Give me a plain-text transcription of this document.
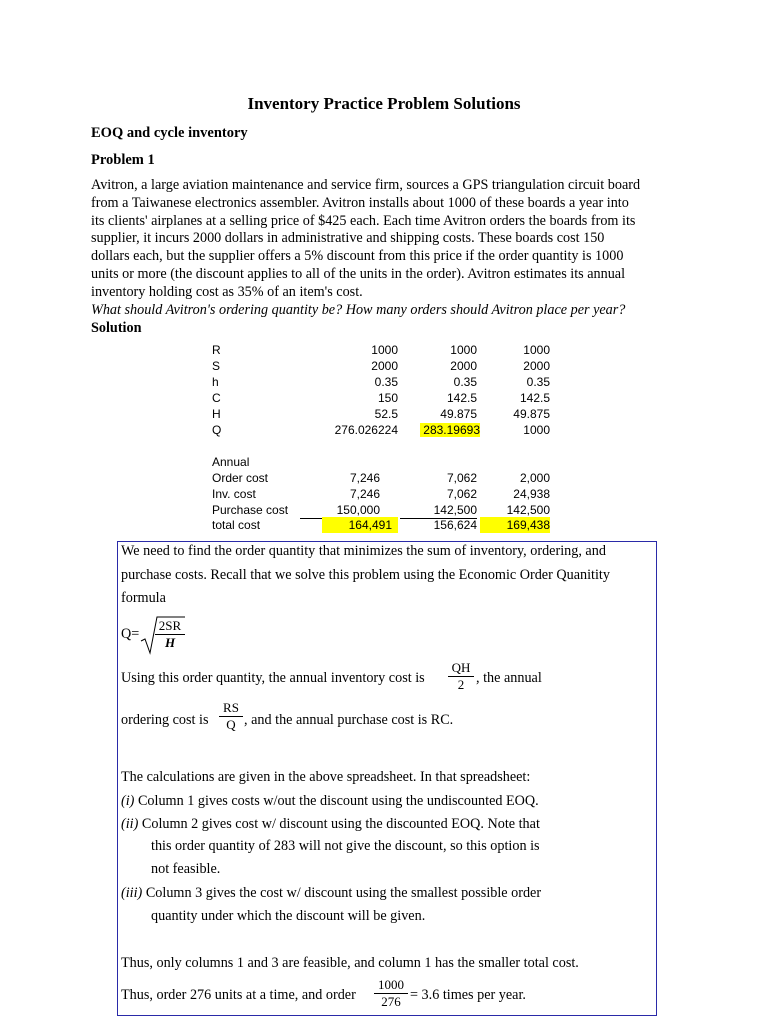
Inventory Practice Problem Solutions
EOQ and cycle inventory
Problem 1
Avitron, a large aviation maintenance and service firm, sources a GPS triangulation circuit board
from a Taiwanese electronics assembler. Avitron installs about 1000 of these boards a year into
its clients' airplanes at a selling price of $425 each. Each time Avitron orders the boards from its
supplier, it incurs 2000 dollars in administrative and shipping costs. These boards cost 150
dollars each, but the supplier offers a 5% discount from this price if the order quantity is 1000
units or more (the discount applies to all of the units in the order). Avitron estimates its annual
inventory holding cost as 35% of an item's cost.
What should Avitron's ordering quantity be? How many orders should Avitron place per year?
Solution
R	1000	1000	1000
S	2000	2000	2000
h	0.35	0.35	0.35
C	150	142.5	142.5
H	52.5	49.875	49.875
Q	276.026224	283.19693	1000
Annual
Order cost	7,246	7,062	2,000
Inv. cost	7,246	7,062	24,938
Purchase cost	150,000	142,500	142,500
total cost	164,491	156,624	169,438
We need to find the order quantity that minimizes the sum of inventory, ordering, and
purchase costs. Recall that we solve this problem using the Economic Order Quanitity
formula
$Q= \frac{2SR}{H}$
Using this order quantity, the annual inventory cost is $\frac{QH}{2}$ , the annual
ordering cost is $\frac{RS}{Q}$ , and the annual purchase cost is RC.
The calculations are given in the above spreadsheet. In that spreadsheet:
(i) Column 1 gives costs w/out the discount using the undiscounted EOQ.
(ii) Column 2 gives cost w/ discount using the discounted EOQ. Note that
this order quantity of 283 will not give the discount, so this option is
not feasible.
(iii) Column 3 gives the cost w/ discount using the smallest possible order
quantity under which the discount will be given.
Thus, only columns 1 and 3 are feasible, and column 1 has the smaller total cost.
Thus, order 276 units at a time, and order $\frac{1000}{276} = 3.6$ times per year.
